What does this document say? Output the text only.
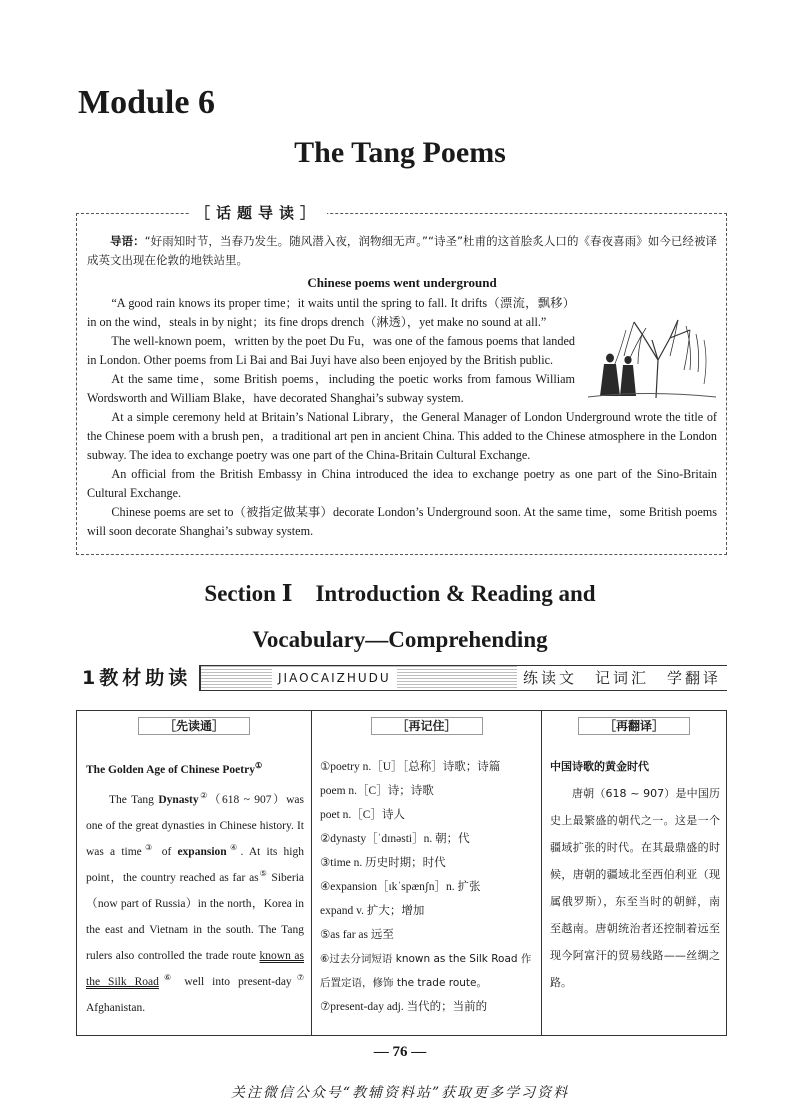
Module 6
The Tang Poems
［话题导读］

导语：“好雨知时节，当春乃发生。随风潜入夜，润物细无声。”“诗圣”杜甫的这首脍炙人口的《春夜喜雨》如今已经被译成英文出现在伦敦的地铁站里。

Chinese poems went underground

“A good rain knows its proper time；it waits until the spring to fall. It drifts（漂流，飘移）in on the wind，steals in by night；its fine drops drench（淋透），yet make no sound at all.”

The well-known poem，written by the poet Du Fu，was one of the famous poems that landed in London. Other poems from Li Bai and Bai Juyi have also been enjoyed by the British public.

At the same time，some British poems，including the poetic works from famous William Wordsworth and William Blake，have decorated Shanghai’s subway system.

At a simple ceremony held at Britain’s National Library，the General Manager of London Underground wrote the title of the Chinese poem with a brush pen，a traditional art pen in ancient China. This added to the Chinese atmosphere in the London subway. The idea to exchange poetry was one part of the China-Britain Cultural Exchange.

An official from the British Embassy in China introduced the idea to exchange poetry as one part of the Sino-Britain Cultural Exchange.

Chinese poems are set to（被指定做某事）decorate London’s Underground soon. At the same time，some British poems will soon decorate Shanghai’s subway system.

Section Ⅰ　Introduction & Reading and
Vocabulary—Comprehending
1教材助读	JIAOCAIZHUDU	练读文　记词汇　学翻译
［先读通］
The Golden Age of Chinese Poetry①

The Tang Dynasty②（618 ~ 907）was one of the great dynasties in Chinese history. It was a time③ of expansion④. At its high point，the country reached as far as⑤ Siberia（now part of Russia）in the north，Korea in the east and Vietnam in the south. The Tang rulers also controlled the trade route known as the Silk Road⑥ well into present-day⑦ Afghanistan.

［再记住］
①poetry n.［U］［总称］诗歌；诗篇
poem n.［C］诗；诗歌
poet n.［C］诗人
②dynasty［ˈdɪnəsti］n. 朝；代
③time n. 历史时期；时代
④expansion［ɪkˈspænʃn］n. 扩张
expand v. 扩大；增加
⑤as far as 远至
⑥过去分词短语 known as the Silk Road 作
后置定语，修饰 the trade route。
⑦present-day adj. 当代的；当前的
［再翻译］
中国诗歌的黄金时代

唐朝（618 ~ 907）是中国历史上最繁盛的朝代之一。这是一个疆域扩张的时代。在其最鼎盛的时候，唐朝的疆域北至西伯利亚（现属俄罗斯），东至当时的朝鲜，南至越南。唐朝统治者还控制着远至现今阿富汗的贸易线路——丝绸之路。

— 76 —
关注微信公众号“教辅资料站”获取更多学习资料
